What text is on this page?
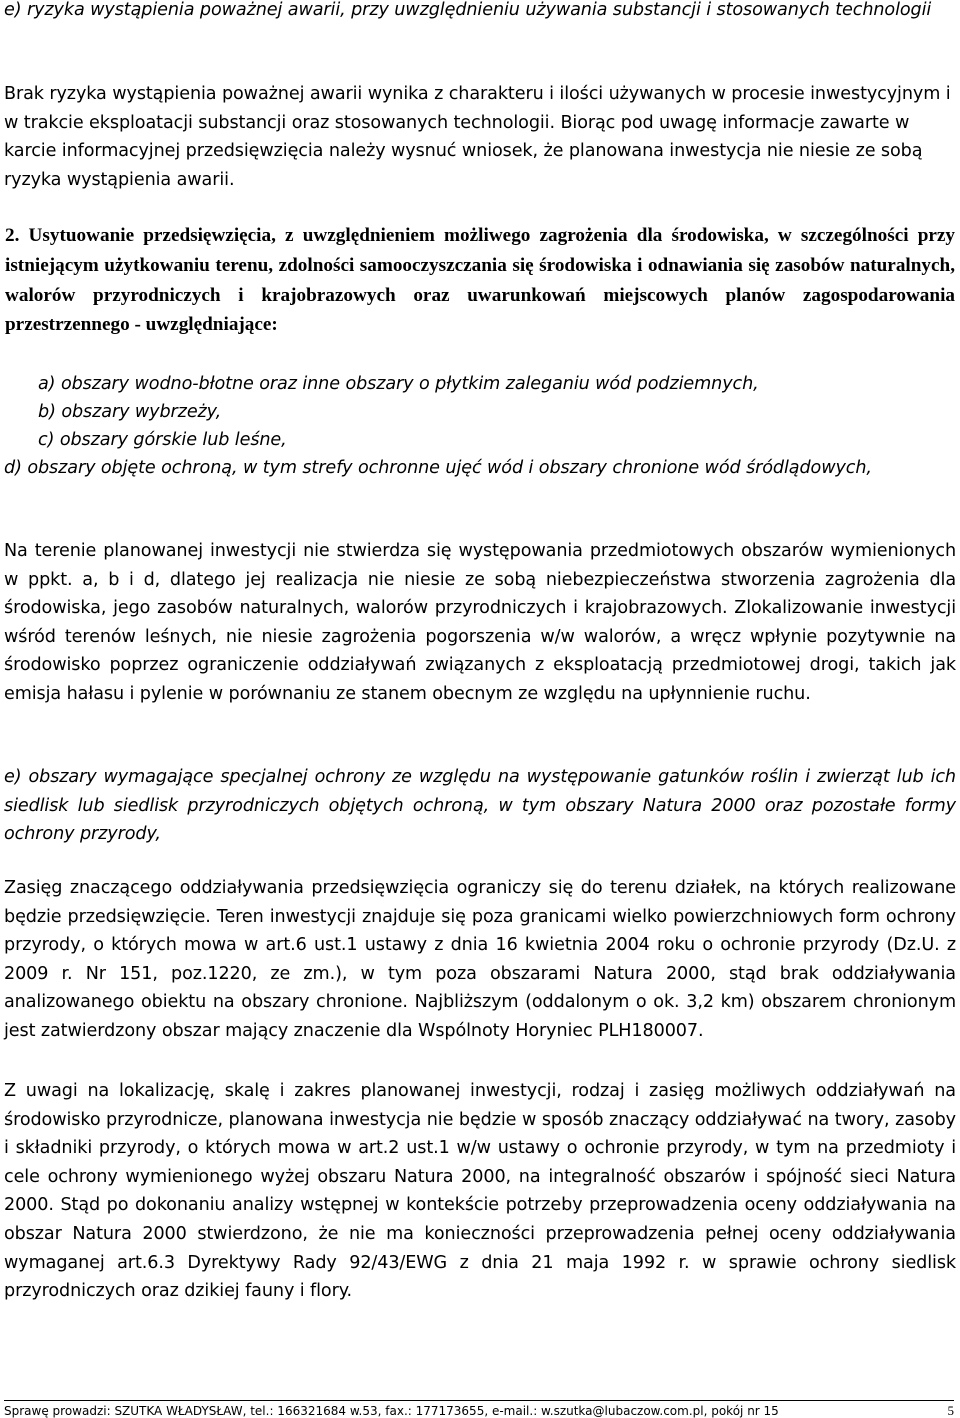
e) ryzyka wystąpienia poważnej awarii, przy uwzględnieniu używania substancji i stosowanych technologii

Brak ryzyka wystąpienia poważnej awarii wynika z charakteru i ilości używanych w procesie inwestycyjnym i w trakcie eksploatacji substancji oraz stosowanych technologii. Biorąc pod uwagę informacje zawarte w karcie informacyjnej przedsięwzięcia należy wysnuć wniosek, że planowana inwestycja nie niesie ze sobą ryzyka wystąpienia awarii.

2. Usytuowanie przedsięwzięcia, z uwzględnieniem możliwego zagrożenia dla środowiska, w szczególności przy istniejącym użytkowaniu terenu, zdolności samooczyszczania się środowiska i odnawiania się zasobów naturalnych, walorów przyrodniczych i krajobrazowych oraz uwarunkowań miejscowych planów zagospodarowania przestrzennego - uwzględniające:

a) obszary wodno-błotne oraz inne obszary o płytkim zaleganiu wód podziemnych,

b) obszary wybrzeży,

c) obszary górskie lub leśne,

d) obszary objęte ochroną, w tym strefy ochronne ujęć wód i obszary chronione wód śródlądowych,

Na terenie planowanej inwestycji nie stwierdza się występowania przedmiotowych obszarów wymienionych w ppkt. a, b i d, dlatego jej realizacja nie niesie ze sobą niebezpieczeństwa stworzenia zagrożenia dla środowiska, jego zasobów naturalnych, walorów przyrodniczych i krajobrazowych. Zlokalizowanie inwestycji wśród terenów leśnych, nie niesie zagrożenia pogorszenia w/w walorów, a wręcz wpłynie pozytywnie na środowisko poprzez ograniczenie oddziaływań związanych z eksploatacją przedmiotowej drogi, takich jak emisja hałasu i pylenie w porównaniu ze stanem obecnym ze względu na upłynnienie ruchu.

e) obszary wymagające specjalnej ochrony ze względu na występowanie gatunków roślin i zwierząt lub ich siedlisk lub siedlisk przyrodniczych objętych ochroną, w tym obszary Natura 2000 oraz pozostałe formy ochrony przyrody,

Zasięg znaczącego oddziaływania przedsięwzięcia ograniczy się do terenu działek, na których realizowane będzie przedsięwzięcie. Teren inwestycji znajduje się poza granicami wielko powierzchniowych form ochrony przyrody, o których mowa w art.6 ust.1 ustawy z dnia 16 kwietnia 2004 roku o ochronie przyrody (Dz.U. z 2009 r. Nr 151, poz.1220, ze zm.), w tym poza obszarami Natura 2000, stąd brak oddziaływania analizowanego obiektu na obszary chronione. Najbliższym (oddalonym o ok. 3,2 km) obszarem chronionym jest zatwierdzony obszar mający znaczenie dla Wspólnoty Horyniec PLH180007.

Z uwagi na lokalizację, skalę i zakres planowanej inwestycji, rodzaj i zasięg możliwych oddziaływań na środowisko przyrodnicze, planowana inwestycja nie będzie w sposób znaczący oddziaływać na twory, zasoby i składniki przyrody, o których mowa w art.2 ust.1 w/w ustawy o ochronie przyrody, w tym na przedmioty i cele ochrony wymienionego wyżej obszaru Natura 2000, na integralność obszarów i spójność sieci Natura 2000. Stąd po dokonaniu analizy wstępnej w kontekście potrzeby przeprowadzenia oceny oddziaływania na obszar Natura 2000 stwierdzono, że nie ma konieczności przeprowadzenia pełnej oceny oddziaływania wymaganej art.6.3 Dyrektywy Rady 92/43/EWG z dnia 21 maja 1992 r. w sprawie ochrony siedlisk przyrodniczych oraz dzikiej fauny i flory.

Sprawę prowadzi: SZUTKA WŁADYSŁAW, tel.: 166321684 w.53, fax.: 177173655, e-mail.: w.szutka@lubaczow.com.pl, pokój nr 15	5
